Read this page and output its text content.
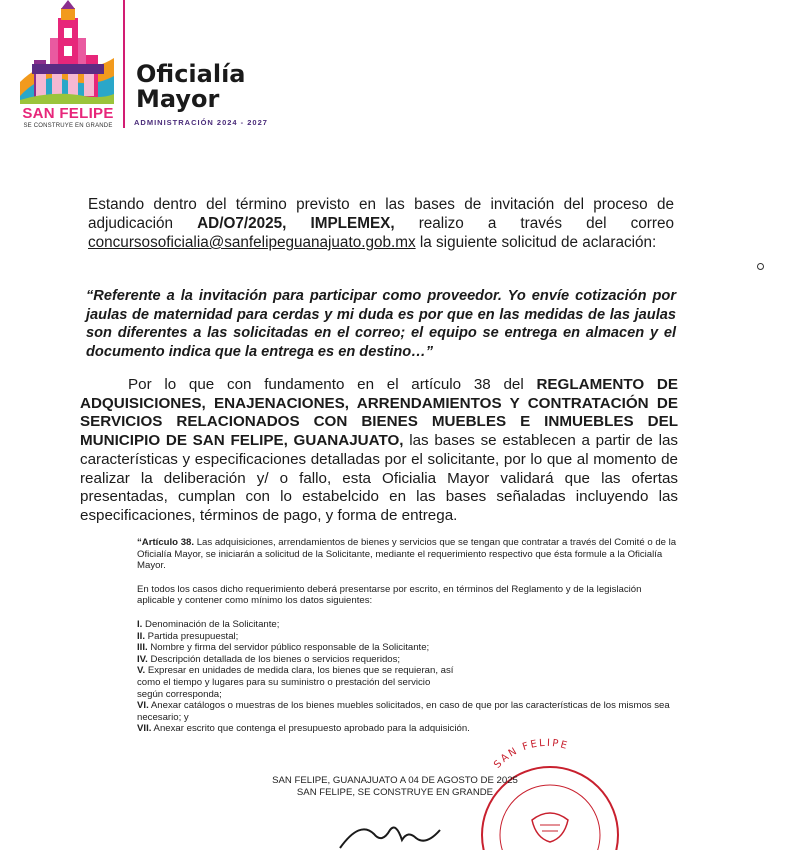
SAN FELIPE
SE CONSTRUYE EN GRANDE
Oficialía
Mayor
ADMINISTRACIÓN 2024 - 2027
Estando dentro del término previsto en las bases de invitación del proceso de adjudicación AD/O7/2025, IMPLEMEX, realizo a través del correo concursosoficialia@sanfelipeguanajuato.gob.mx la siguiente solicitud de aclaración:
“Referente a la invitación para participar como proveedor. Yo envíe cotización por jaulas de maternidad para cerdas y mi duda es por que en las medidas de las jaulas son diferentes a las solicitadas en el correo; el equipo se entrega en almacen y el documento indica que la entrega es en destino…”
Por lo que con fundamento en el artículo 38 del REGLAMENTO DE ADQUISICIONES, ENAJENACIONES, ARRENDAMIENTOS Y CONTRATACIÓN DE SERVICIOS RELACIONADOS CON BIENES MUEBLES E INMUEBLES DEL MUNICIPIO DE SAN FELIPE, GUANAJUATO, las bases se establecen a partir de las características y especificaciones detalladas por el solicitante, por lo que al momento de realizar la deliberación y/ o fallo, esta Oficialia Mayor validará que las ofertas presentadas, cumplan con lo estabelcido en las bases señaladas incluyendo las especificaciones, términos de pago, y forma de entrega.

“Artículo 38. Las adquisiciones, arrendamientos de bienes y servicios que se tengan que contratar a través del Comité o de la Oficialía Mayor, se iniciarán a solicitud de la Solicitante, mediante el requerimiento respectivo que ésta formule a la Oficialía Mayor.

En todos los casos dicho requerimiento deberá presentarse por escrito, en términos del Reglamento y de la legislación aplicable y contener como mínimo los datos siguientes:

I. Denominación de la Solicitante;
II. Partida presupuestal;
III. Nombre y firma del servidor público responsable de la Solicitante;
IV. Descripción detallada de los bienes o servicios requeridos;
V. Expresar en unidades de medida clara, los bienes que se requieran, así
como el tiempo y lugares para su suministro o prestación del servicio
según corresponda;
VI. Anexar catálogos o muestras de los bienes muebles solicitados, en caso de que por las características de los mismos sea necesario; y
VII. Anexar escrito que contenga el presupuesto aprobado para la adquisición.
SAN FELIPE
SAN FELIPE, GUANAJUATO A 04 DE AGOSTO DE 2025
SAN FELIPE, SE CONSTRUYE EN GRANDE
